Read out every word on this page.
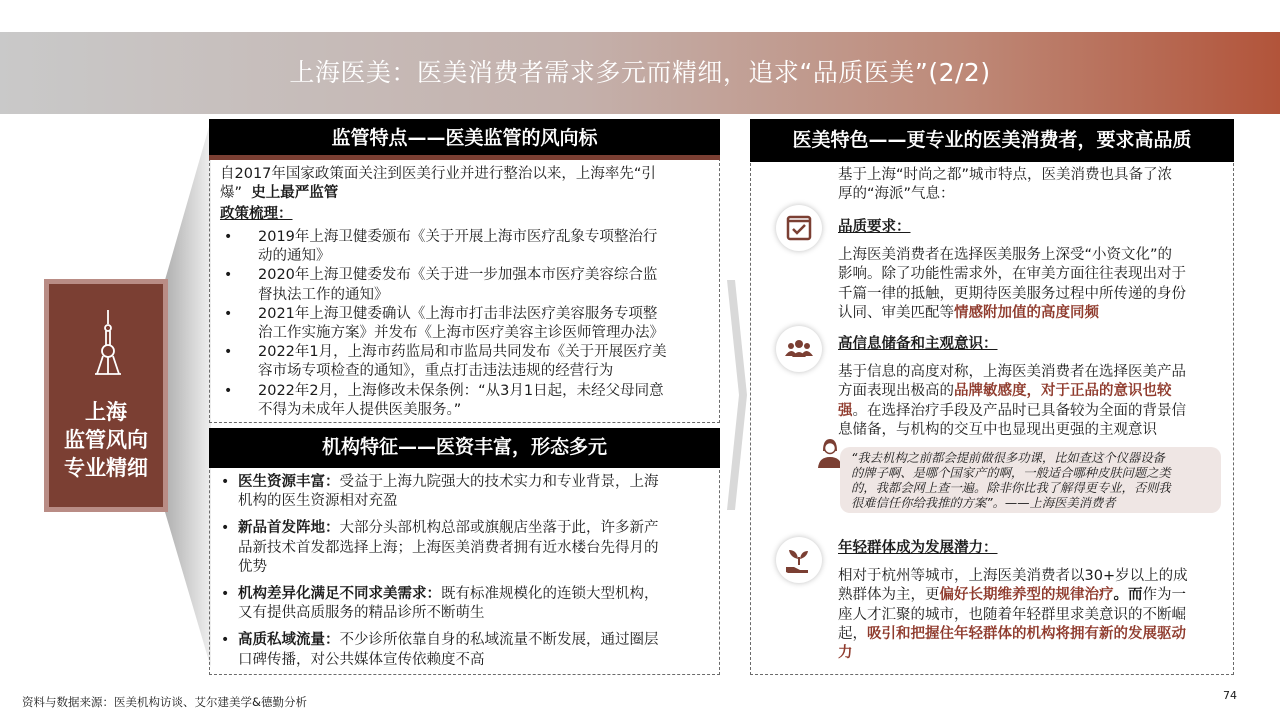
上海医美：医美消费者需求多元而精细，追求“品质医美”(2/2)
上海
监管风向
专业精细
监管特点——医美监管的风向标
自2017年国家政策面关注到医美行业并进行整治以来，上海率先“引
爆” 史上最严监管
政策梳理：
• 2019年上海卫健委颁布《关于开展上海市医疗乱象专项整治行
动的通知》
• 2020年上海卫健委发布《关于进一步加强本市医疗美容综合监
督执法工作的通知》
• 2021年上海卫健委确认《上海市打击非法医疗美容服务专项整
治工作实施方案》并发布《上海市医疗美容主诊医师管理办法》
• 2022年1月，上海市药监局和市监局共同发布《关于开展医疗美
容市场专项检查的通知》，重点打击违法违规的经营行为
• 2022年2月，上海修改未保条例：“从3月1日起，未经父母同意
不得为未成年人提供医美服务。”
机构特征——医资丰富，形态多元
• 医生资源丰富：受益于上海九院强大的技术实力和专业背景，上海
机构的医生资源相对充盈
• 新品首发阵地：大部分头部机构总部或旗舰店坐落于此，许多新产
品新技术首发都选择上海；上海医美消费者拥有近水楼台先得月的
优势
• 机构差异化满足不同求美需求：既有标准规模化的连锁大型机构，
又有提供高质服务的精品诊所不断萌生
• 高质私域流量：不少诊所依靠自身的私域流量不断发展，通过圈层
口碑传播，对公共媒体宣传依赖度不高
医美特色——更专业的医美消费者，要求高品质
基于上海“时尚之都”城市特点，医美消费也具备了浓
厚的“海派”气息：
品质要求：
上海医美消费者在选择医美服务上深受“小资文化”的
影响。除了功能性需求外，在审美方面往往表现出对于
千篇一律的抵触，更期待医美服务过程中所传递的身份
认同、审美匹配等情感附加值的高度同频
高信息储备和主观意识：
基于信息的高度对称，上海医美消费者在选择医美产品
方面表现出极高的品牌敏感度，对于正品的意识也较
强。在选择治疗手段及产品时已具备较为全面的背景信
息储备，与机构的交互中也显现出更强的主观意识
“我去机构之前都会提前做很多功课，比如查这个仪器设备
的牌子啊、是哪个国家产的啊，一般适合哪种皮肤问题之类
的，我都会网上查一遍。除非你比我了解得更专业，否则我
很难信任你给我推的方案”。——上海医美消费者
年轻群体成为发展潜力：
相对于杭州等城市，上海医美消费者以30+岁以上的成
熟群体为主，更偏好长期维养型的规律治疗。而作为一
座人才汇聚的城市，也随着年轻群里求美意识的不断崛
起，吸引和把握住年轻群体的机构将拥有新的发展驱动
力
资料与数据来源：医美机构访谈、艾尔建美学&德勤分析	74
